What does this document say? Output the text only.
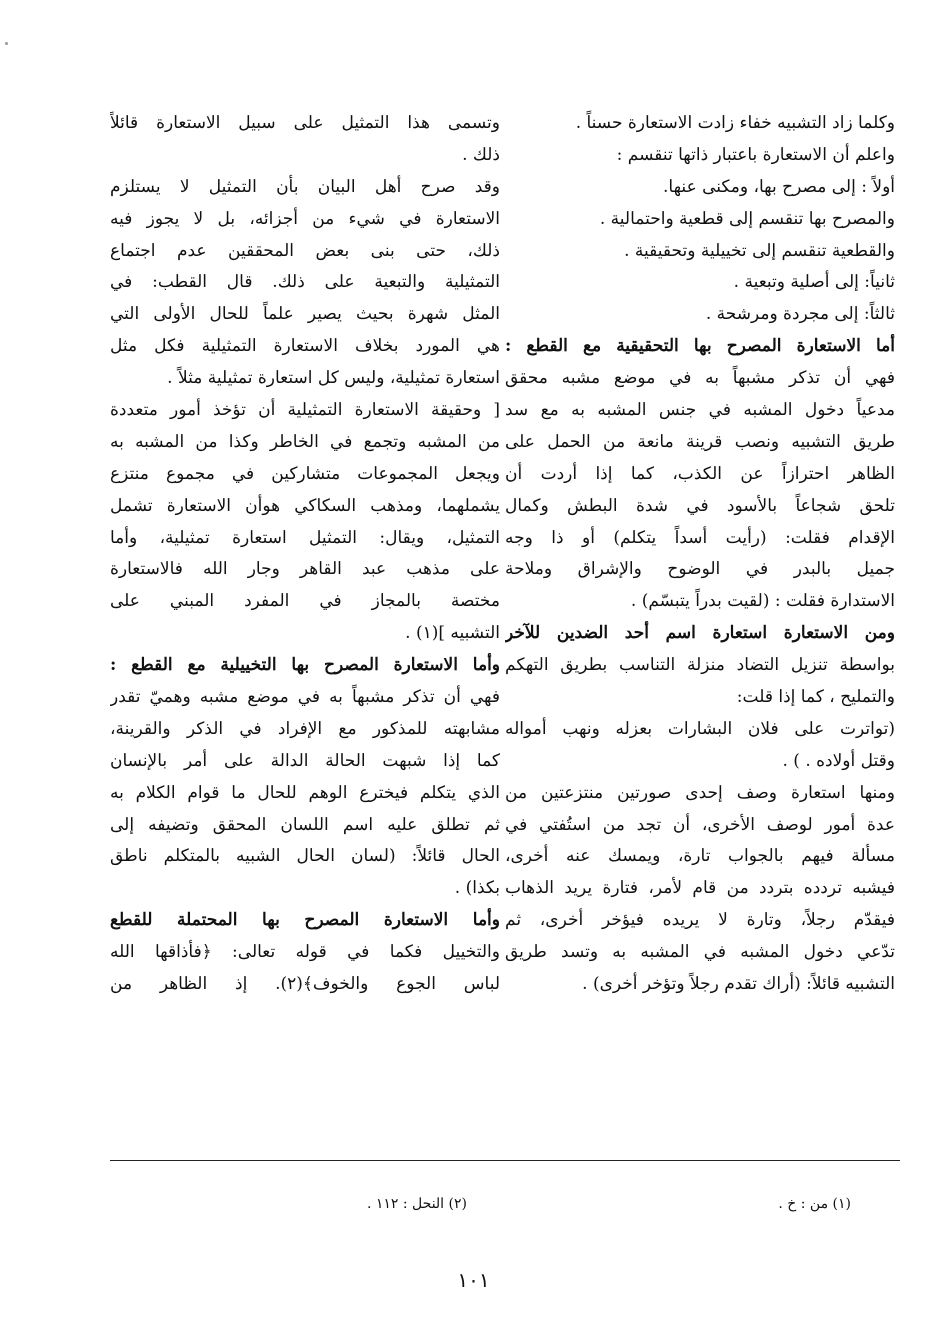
وكلما زاد التشبيه خفاء زادت الاستعارة حسناً .
واعلم أن الاستعارة باعتبار ذاتها تنقسم :
أولاً : إلى مصرح بها، ومكنى عنها.
والمصرح بها تنقسم إلى قطعية واحتمالية .
والقطعية تنقسم إلى تخييلية وتحقيقية .
ثانياً: إلى أصلية وتبعية .
ثالثاً: إلى مجردة ومرشحة .
أما الاستعارة المصرح بها التحقيقية مع القطع :
فهي أن تذكر مشبهاً به في موضع مشبه محقق
مدعياً دخول المشبه في جنس المشبه به مع سد
طريق التشبيه ونصب قرينة مانعة من الحمل على
الظاهر احترازاً عن الكذب، كما إذا أردت أن
تلحق شجاعاً بالأسود في شدة البطش وكمال
الإقدام فقلت: (رأيت أسداً يتكلم) أو ذا وجه
جميل بالبدر في الوضوح والإشراق وملاحة
الاستدارة فقلت : (لقيت بدراً يتبسّم) .
ومن الاستعارة استعارة اسم أحد الضدين للآخر
بواسطة تنزيل التضاد منزلة التناسب بطريق التهكم
والتمليح ، كما إذا قلت:
(تواترت على فلان البشارات بعزله ونهب أمواله
وقتل أولاده . ) .
ومنها استعارة وصف إحدى صورتين منتزعتين من
عدة أمور لوصف الأخرى، أن تجد من استُفتي في
مسألة فيهم بالجواب تارة، ويمسك عنه أخرى،
فيشبه تردده بتردد من قام لأمر، فتارة يريد الذهاب
فيقدّم رجلاً، وتارة لا يريده فيؤخر أخرى، ثم
تدّعي دخول المشبه في المشبه به وتسد طريق
التشبيه قائلاً: (أراك تقدم رجلاً وتؤخر أخرى) .
وتسمى هذا التمثيل على سبيل الاستعارة قائلاً
ذلك .
وقد صرح أهل البيان بأن التمثيل لا يستلزم
الاستعارة في شيء من أجزائه، بل لا يجوز فيه
ذلك، حتى بنى بعض المحققين عدم اجتماع
التمثيلية والتبعية على ذلك. قال القطب: في
المثل شهرة بحيث يصير علماً للحال الأولى التي
هي المورد بخلاف الاستعارة التمثيلية فكل مثل
استعارة تمثيلية، وليس كل استعارة تمثيلية مثلاً .
[ وحقيقة الاستعارة التمثيلية أن تؤخذ أمور متعددة
من المشبه وتجمع في الخاطر وكذا من المشبه به
ويجعل المجموعات متشاركين في مجموع منتزع
يشملهما، ومذهب السكاكي هوأن الاستعارة تشمل
التمثيل، ويقال: التمثيل استعارة تمثيلية، وأما
على مذهب عبد القاهر وجار الله فالاستعارة
مختصة بالمجاز في المفرد المبني على
التشبيه ](١) .
وأما الاستعارة المصرح بها التخييلية مع القطع :
فهي أن تذكر مشبهاً به في موضع مشبه وهميّ تقدر
مشابهته للمذكور مع الإفراد في الذكر والقرينة،
كما إذا شبهت الحالة الدالة على أمر بالإنسان
الذي يتكلم فيخترع الوهم للحال ما قوام الكلام به
ثم تطلق عليه اسم اللسان المحقق وتضيفه إلى
الحال قائلاً: (لسان الحال الشبيه بالمتكلم ناطق
بكذا) .
وأما الاستعارة المصرح بها المحتملة للقطع
والتخييل فكما في قوله تعالى: ﴿فأذاقها الله
لباس الجوع والخوف﴾(٢). إذ الظاهر من
(١) من : خ .
(٢) النحل : ١١٢ .
١٠١
